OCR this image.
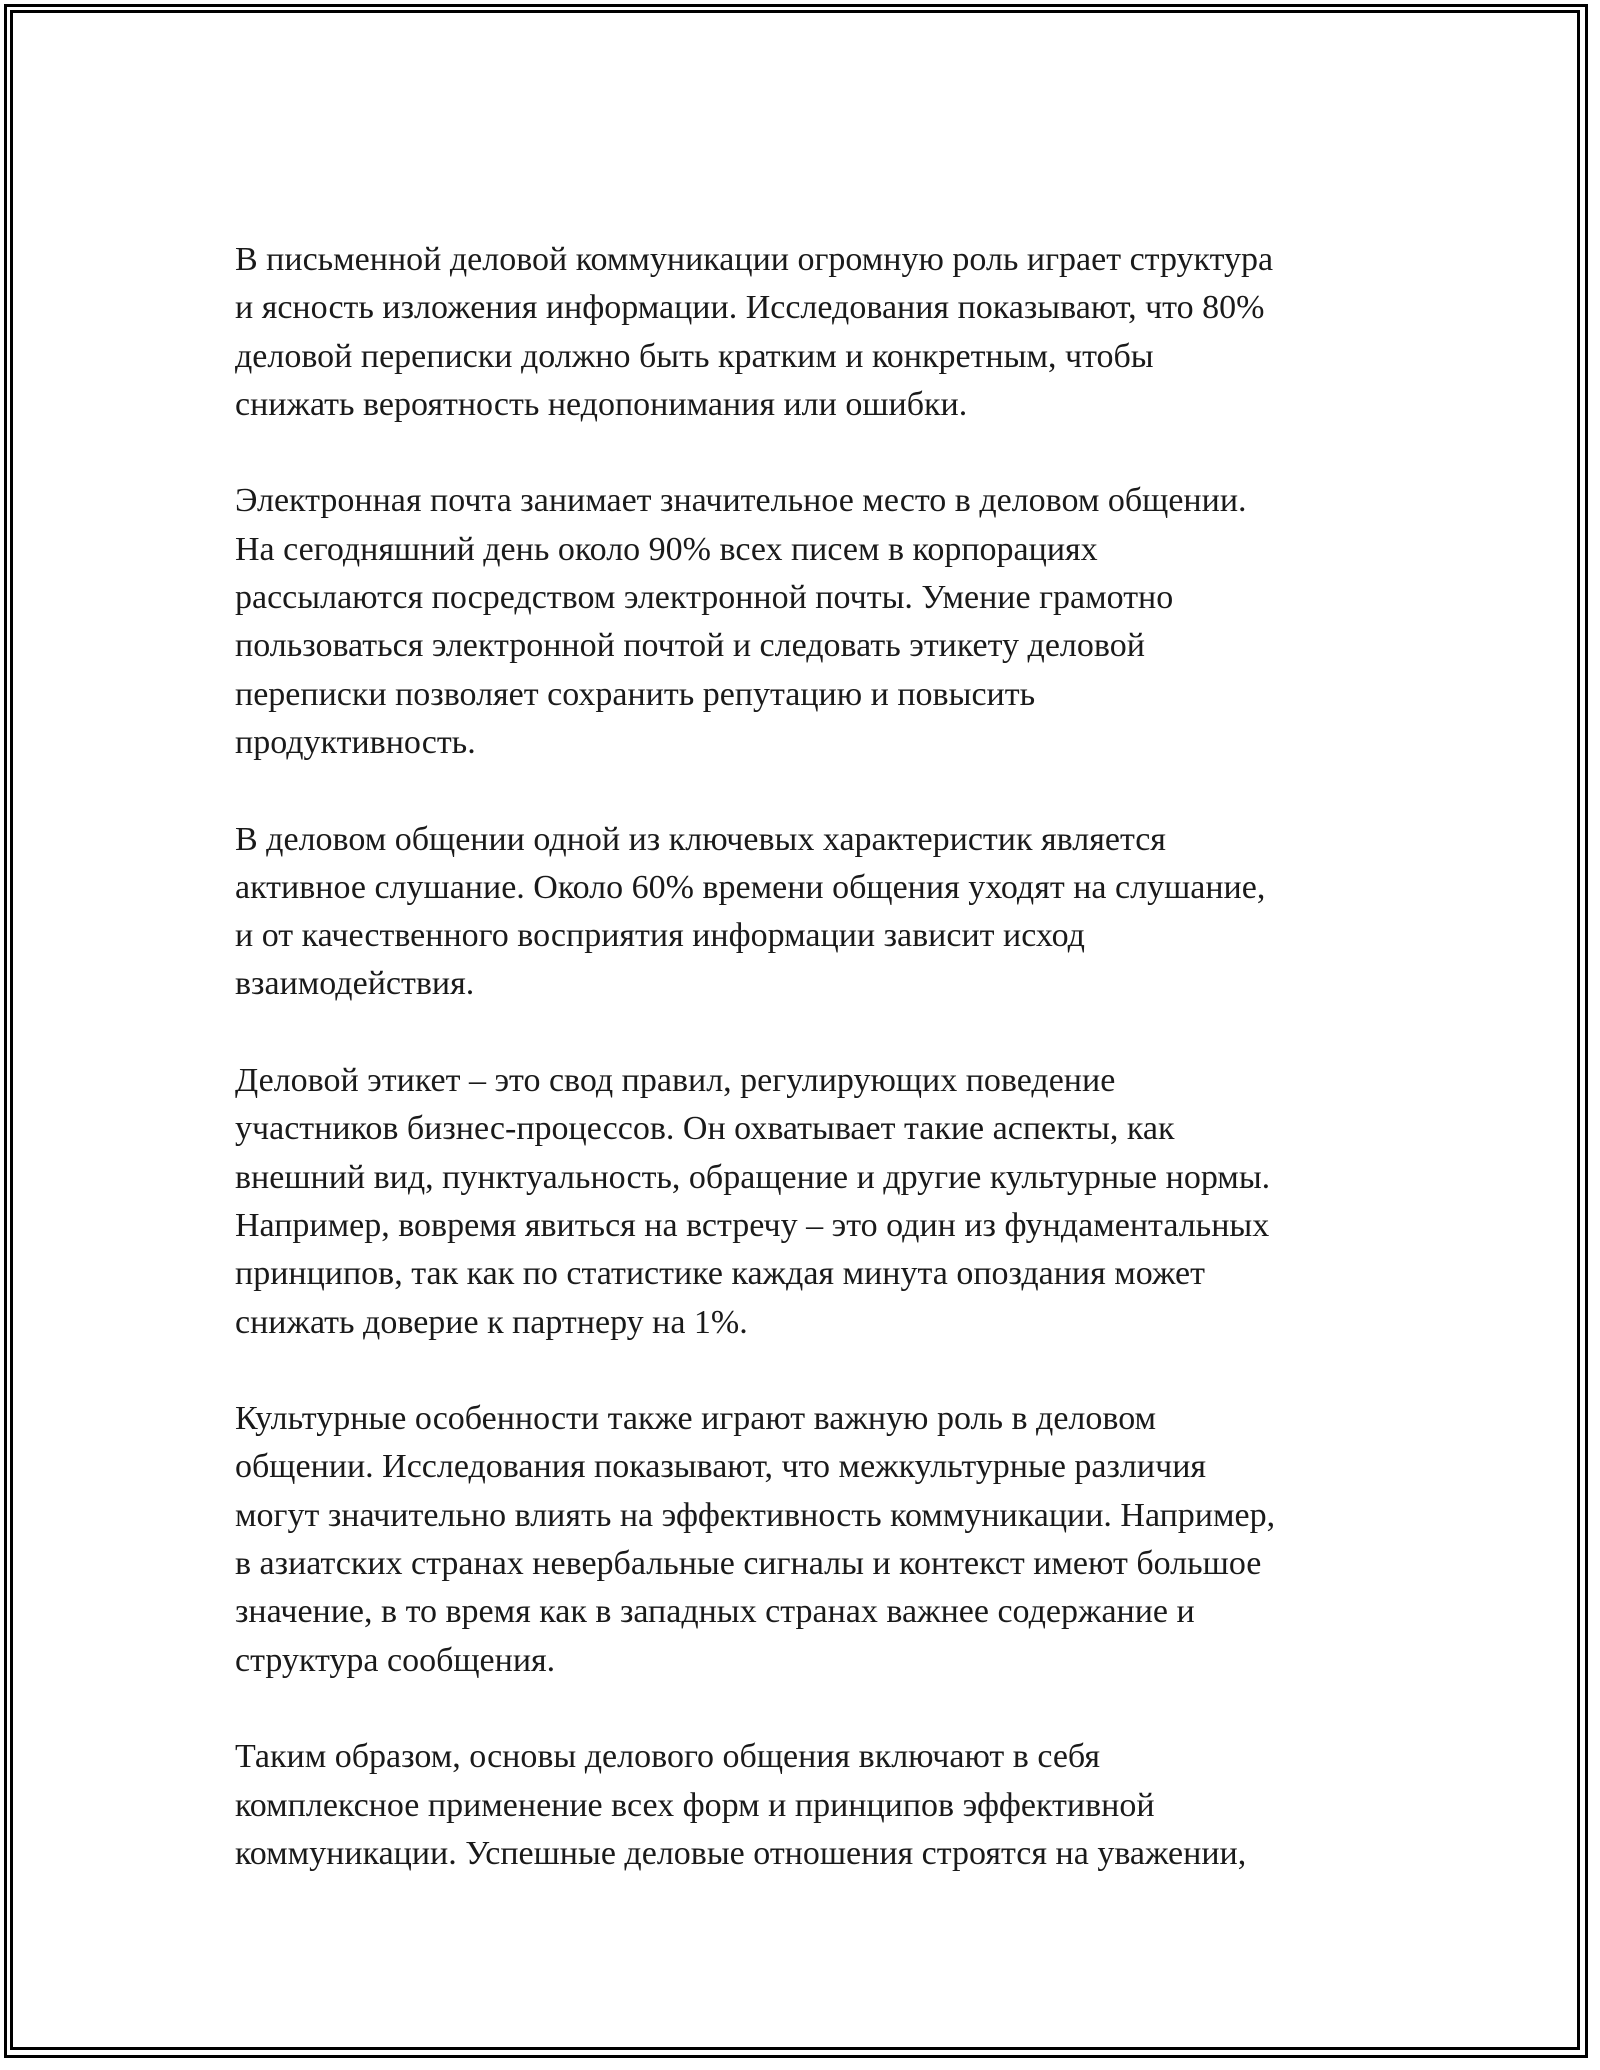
В письменной деловой коммуникации огромную роль играет структура
и ясность изложения информации. Исследования показывают, что 80%
деловой переписки должно быть кратким и конкретным, чтобы
снижать вероятность недопонимания или ошибки.

Электронная почта занимает значительное место в деловом общении.
На сегодняшний день около 90% всех писем в корпорациях
рассылаются посредством электронной почты. Умение грамотно
пользоваться электронной почтой и следовать этикету деловой
переписки позволяет сохранить репутацию и повысить
продуктивность.

В деловом общении одной из ключевых характеристик является
активное слушание. Около 60% времени общения уходят на слушание,
и от качественного восприятия информации зависит исход
взаимодействия.

Деловой этикет – это свод правил, регулирующих поведение
участников бизнес-процессов. Он охватывает такие аспекты, как
внешний вид, пунктуальность, обращение и другие культурные нормы.
Например, вовремя явиться на встречу – это один из фундаментальных
принципов, так как по статистике каждая минута опоздания может
снижать доверие к партнеру на 1%.

Культурные особенности также играют важную роль в деловом
общении. Исследования показывают, что межкультурные различия
могут значительно влиять на эффективность коммуникации. Например,
в азиатских странах невербальные сигналы и контекст имеют большое
значение, в то время как в западных странах важнее содержание и
структура сообщения.

Таким образом, основы делового общения включают в себя
комплексное применение всех форм и принципов эффективной
коммуникации. Успешные деловые отношения строятся на уважении,
